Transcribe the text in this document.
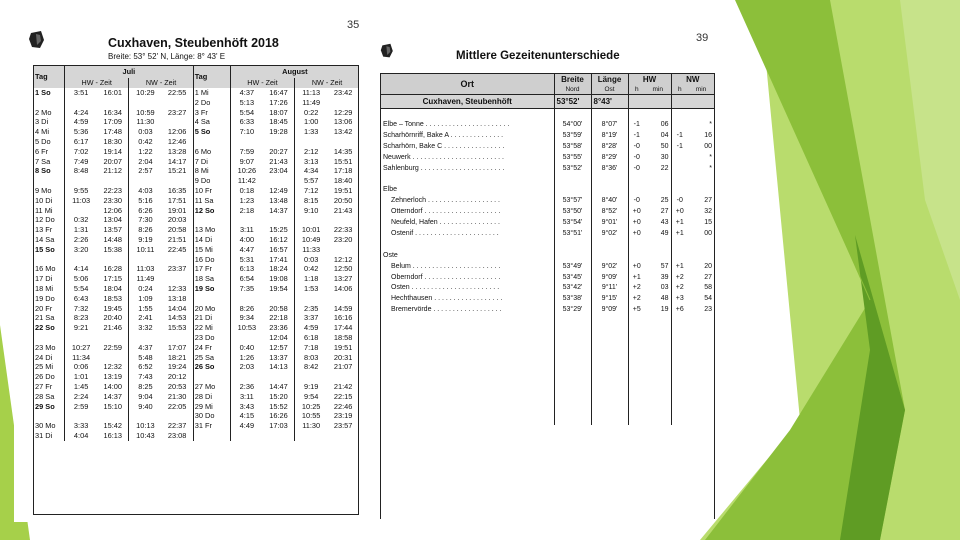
35
Cuxhaven, Steubenhöft 2018
Breite: 53° 52' N, Länge: 8° 43' E
Tag	Juli				Tag	August			
	HW - Zeit		NW - Zeit			HW - Zeit		NW - Zeit	
1 So	3:51	16:01	10:29	22:55	1 Mi	4:37	16:47	11:13	23:42
					2 Do	5:13	17:26	11:49	
2 Mo	4:24	16:34	10:59	23:27	3 Fr	5:54	18:07	0:22	12:29
3 Di	4:59	17:09	11:30		4 Sa	6:33	18:45	1:00	13:06
4 Mi	5:36	17:48	0:03	12:06	5 So	7:10	19:28	1:33	13:42
5 Do	6:17	18:30	0:42	12:46					
6 Fr	7:02	19:14	1:22	13:28	6 Mo	7:59	20:27	2:12	14:35
7 Sa	7:49	20:07	2:04	14:17	7 Di	9:07	21:43	3:13	15:51
8 So	8:48	21:12	2:57	15:21	8 Mi	10:26	23:04	4:34	17:18
					9 Do	11:42		5:57	18:40
9 Mo	9:55	22:23	4:03	16:35	10 Fr	0:18	12:49	7:12	19:51
10 Di	11:03	23:30	5:16	17:51	11 Sa	1:23	13:48	8:15	20:50
11 Mi		12:06	6:26	19:01	12 So	2:18	14:37	9:10	21:43
12 Do	0:32	13:04	7:30	20:03					
13 Fr	1:31	13:57	8:26	20:58	13 Mo	3:11	15:25	10:01	22:33
14 Sa	2:26	14:48	9:19	21:51	14 Di	4:00	16:12	10:49	23:20
15 So	3:20	15:38	10:11	22:45	15 Mi	4:47	16:57	11:33	
					16 Do	5:31	17:41	0:03	12:12
16 Mo	4:14	16:28	11:03	23:37	17 Fr	6:13	18:24	0:42	12:50
17 Di	5:06	17:15	11:49		18 Sa	6:54	19:08	1:18	13:27
18 Mi	5:54	18:04	0:24	12:33	19 So	7:35	19:54	1:53	14:06
19 Do	6:43	18:53	1:09	13:18					
20 Fr	7:32	19:45	1:55	14:04	20 Mo	8:26	20:58	2:35	14:59
21 Sa	8:23	20:40	2:41	14:53	21 Di	9:34	22:18	3:37	16:16
22 So	9:21	21:46	3:32	15:53	22 Mi	10:53	23:36	4:59	17:44
					23 Do		12:04	6:18	18:58
23 Mo	10:27	22:59	4:37	17:07	24 Fr	0:40	12:57	7:18	19:51
24 Di	11:34		5:48	18:21	25 Sa	1:26	13:37	8:03	20:31
25 Mi	0:06	12:32	6:52	19:24	26 So	2:03	14:13	8:42	21:07
26 Do	1:01	13:19	7:43	20:12					
27 Fr	1:45	14:00	8:25	20:53	27 Mo	2:36	14:47	9:19	21:42
28 Sa	2:24	14:37	9:04	21:30	28 Di	3:11	15:20	9:54	22:15
29 So	2:59	15:10	9:40	22:05	29 Mi	3:43	15:52	10:25	22:46
					30 Do	4:15	16:26	10:55	23:19
30 Mo	3:33	15:42	10:13	22:37	31 Fr	4:49	17:03	11:30	23:57
31 Di	4:04	16:13	10:43	23:08					
39
Mittlere Gezeitenunterschiede
Ort	Breite	Länge	HW		NW	
	Nord	Ost	h	min	h	min
Cuxhaven, Steubenhöft	53°52'	8°43'				

Elbe – Tonne . . . . . . . . . . . . . . . . . . . . . .	54°00'	8°07'	-1	06		*
Scharhörnriff, Bake A . . . . . . . . . . . . . .	53°59'	8°19'	-1	04	-1	16
Scharhörn, Bake C . . . . . . . . . . . . . . . .	53°58'	8°28'	-0	50	-1	00
Neuwerk . . . . . . . . . . . . . . . . . . . . . . . .	53°55'	8°29'	-0	30		*
Sahlenburg . . . . . . . . . . . . . . . . . . . . . .	53°52'	8°36'	-0	22		*

Elbe						
Zehnerloch . . . . . . . . . . . . . . . . . . .	53°57'	8°40'	-0	25	-0	27
Otterndorf . . . . . . . . . . . . . . . . . . . .	53°50'	8°52'	+0	27	+0	32
Neufeld, Hafen . . . . . . . . . . . . . . . .	53°54'	9°01'	+0	43	+1	15
Ostenif . . . . . . . . . . . . . . . . . . . . . .	53°51'	9°02'	+0	49	+1	00

Oste						
Belum . . . . . . . . . . . . . . . . . . . . . . .	53°49'	9°02'	+0	57	+1	20
Oberndorf . . . . . . . . . . . . . . . . . . . .	53°45'	9°09'	+1	39	+2	27
Osten . . . . . . . . . . . . . . . . . . . . . . .	53°42'	9°11'	+2	03	+2	58
Hechthausen . . . . . . . . . . . . . . . . . .	53°38'	9°15'	+2	48	+3	54
Bremervörde . . . . . . . . . . . . . . . . . .	53°29'	9°09'	+5	19	+6	23
